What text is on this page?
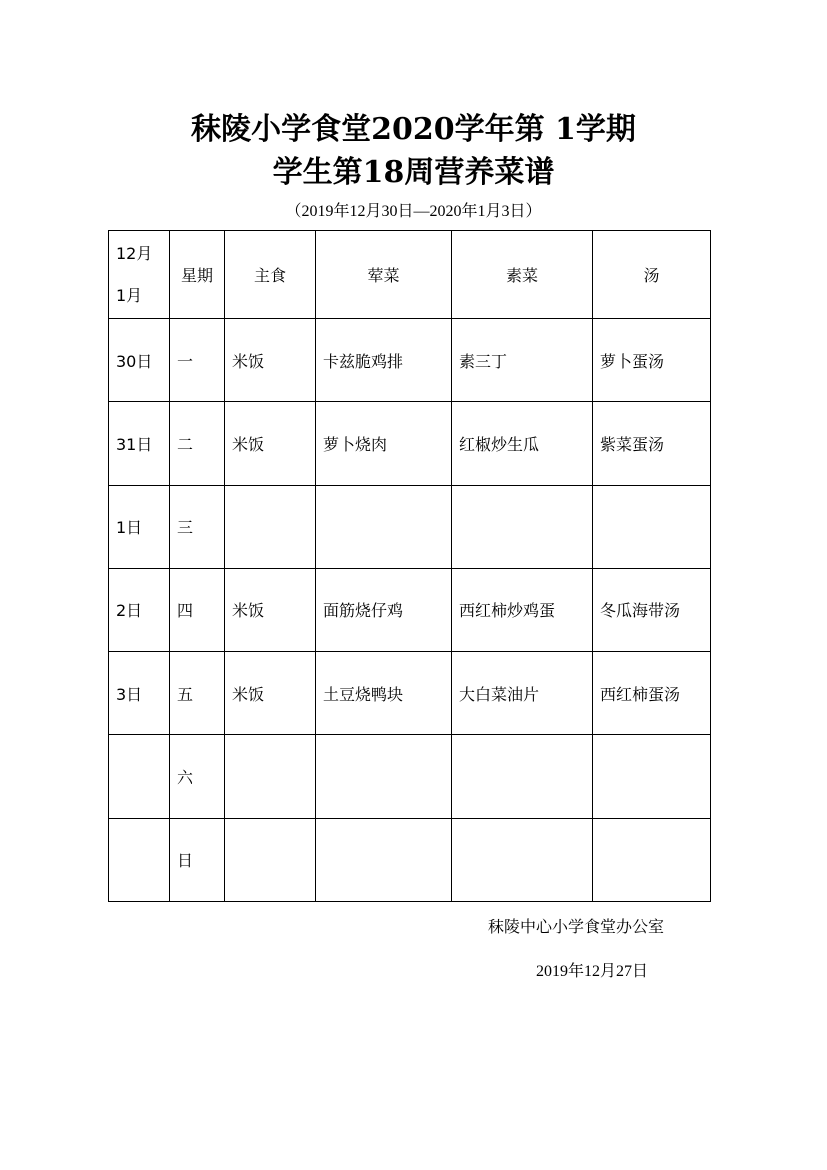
秣陵小学食堂2020学年第 1学期
学生第18周营养菜谱
（2019年12月30日—2020年1月3日）
12月
1月	星期	主食	荤菜	素菜	汤
30日	一	米饭	卡兹脆鸡排	素三丁	萝卜蛋汤
31日	二	米饭	萝卜烧肉	红椒炒生瓜	紫菜蛋汤
1日	三				
2日	四	米饭	面筋烧仔鸡	西红柿炒鸡蛋	冬瓜海带汤
3日	五	米饭	土豆烧鸭块	大白菜油片	西红柿蛋汤
	六				
	日				
秣陵中心小学食堂办公室
2019年12月27日
